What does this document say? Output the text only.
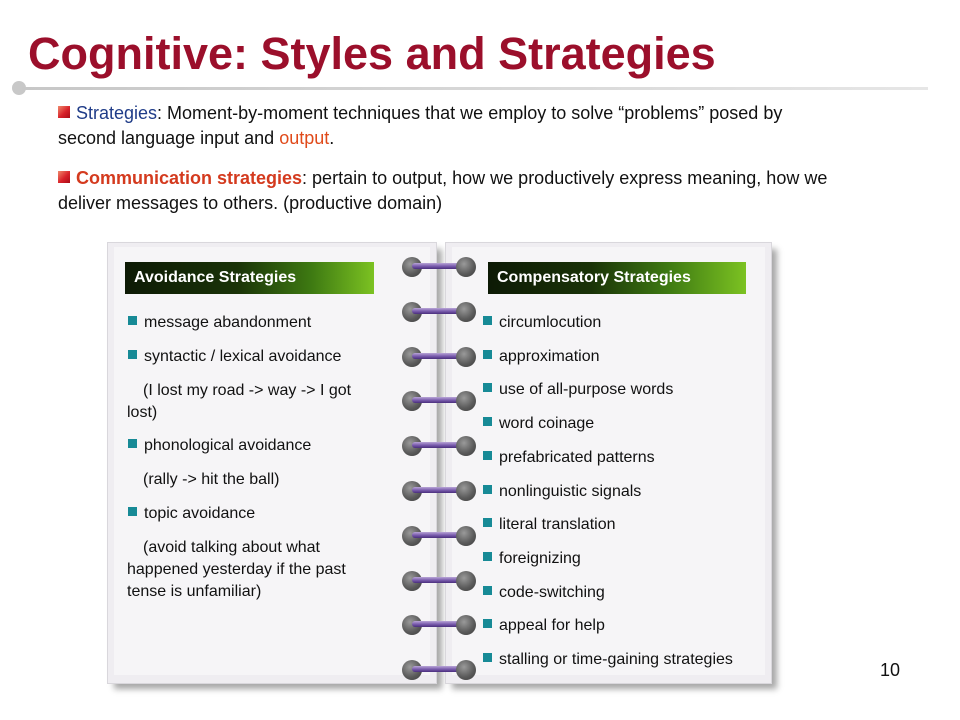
Cognitive: Styles and Strategies
Strategies: Moment-by-moment techniques that we employ to solve “problems” posed by second language input and output.
Communication strategies: pertain to output, how we productively express meaning, how we deliver messages to others. (productive domain)
Avoidance Strategies	Compensatory Strategies
message abandonment
syntactic / lexical avoidance
(I lost my road -> way -> I got lost)
phonological avoidance
(rally -> hit the ball)
topic avoidance
(avoid talking about what happened yesterday if the past tense is unfamiliar)
circumlocution
approximation
use of all-purpose words
word coinage
prefabricated patterns
nonlinguistic signals
literal translation
foreignizing
code-switching
appeal for help
stalling or time-gaining strategies
10
